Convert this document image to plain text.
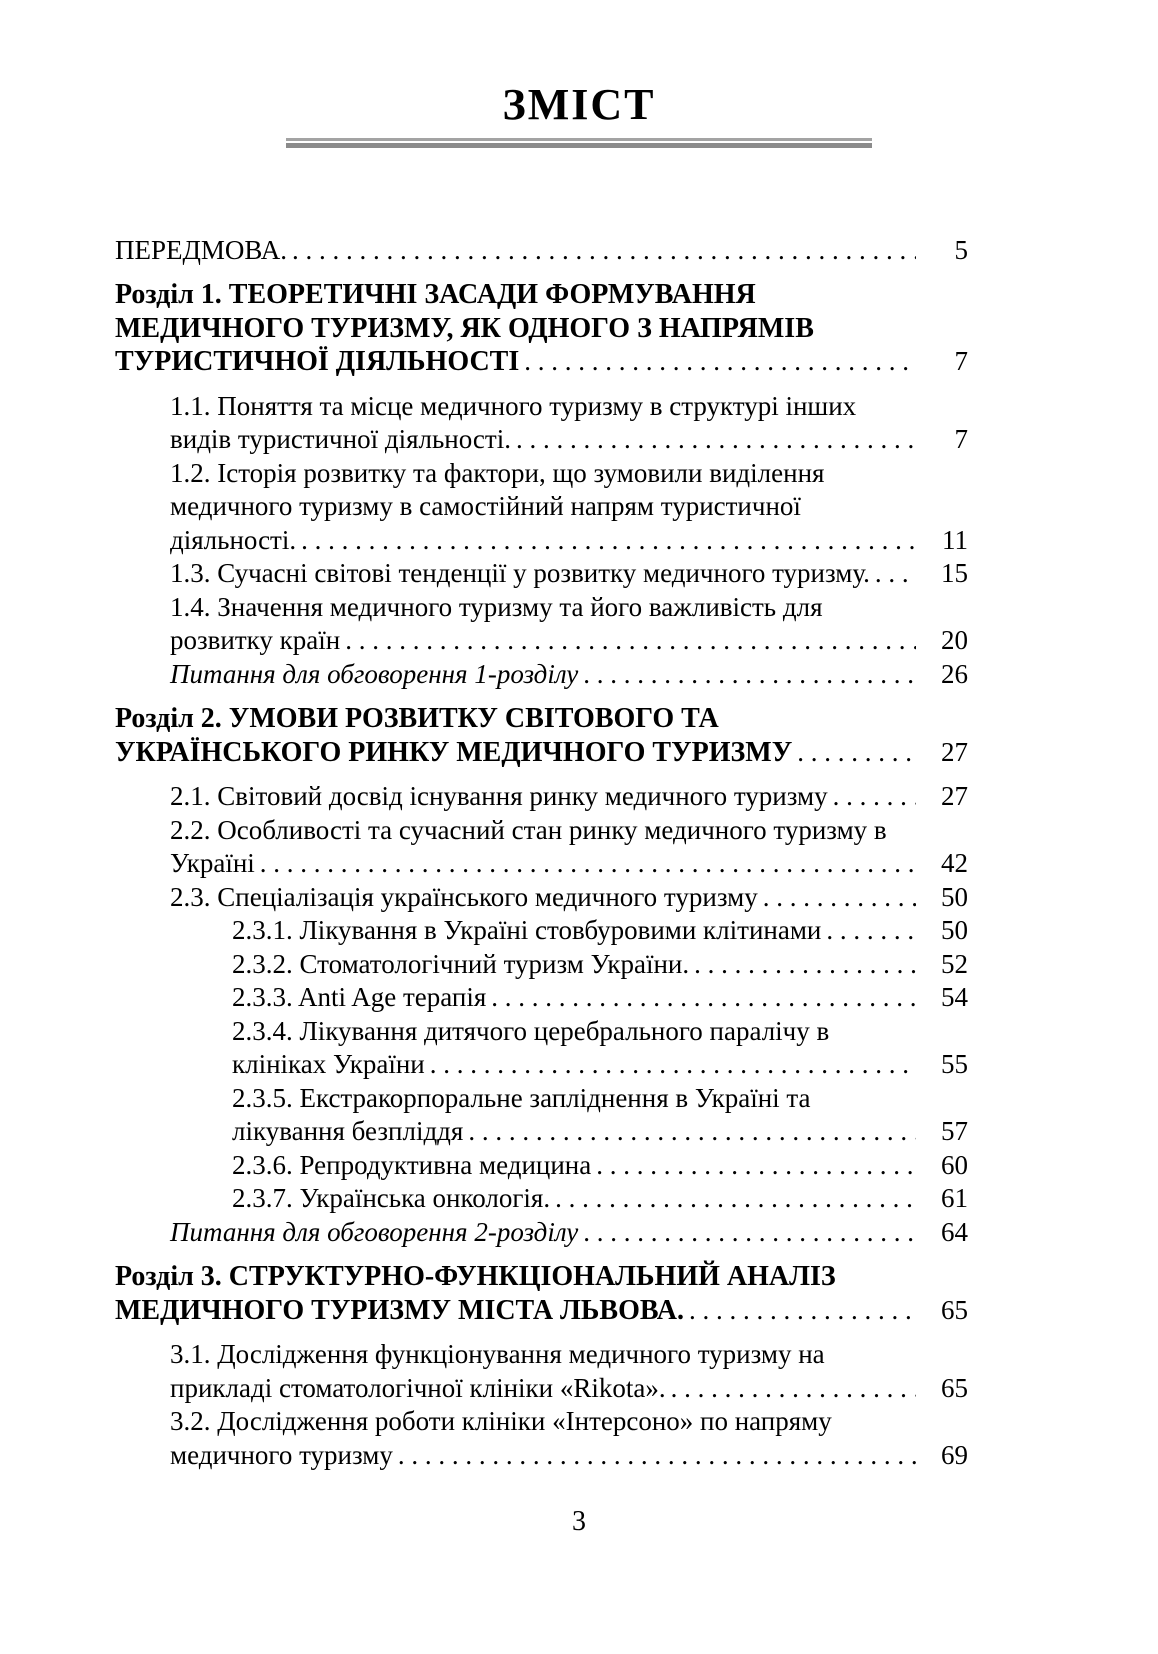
ЗМІСТ
ПЕРЕДМОВА. . . .	5
Розділ 1. ТЕОРЕТИЧНІ ЗАСАДИ ФОРМУВАННЯ
МЕДИЧНОГО ТУРИЗМУ, ЯК ОДНОГО З НАПРЯМІВ
ТУРИСТИЧНОЇ ДІЯЛЬНОСТІ . . .	7
1.1. Поняття та місце медичного туризму в структурі інших
видів туристичної діяльності. . . .	7
1.2. Історія розвитку та фактори, що зумовили виділення
медичного туризму в самостійний напрям туристичної
діяльності. . . .	11
1.3. Сучасні світові тенденції у розвитку медичного туризму. . . .	15
1.4. Значення медичного туризму та його важливість для
розвитку країн . . .	20
Питання для обговорення 1-розділу . . .	26
Розділ 2. УМОВИ РОЗВИТКУ СВІТОВОГО ТА
УКРАЇНСЬКОГО РИНКУ МЕДИЧНОГО ТУРИЗМУ . . .	27
2.1. Світовий досвід існування ринку медичного туризму . . .	27
2.2. Особливості та сучасний стан ринку медичного туризму в
Україні . . .	42
2.3. Спеціалізація українського медичного туризму . . .	50
2.3.1. Лікування в Україні стовбуровими клітинами . . .	50
2.3.2. Стоматологічний туризм України. . . .	52
2.3.3. Anti Age терапія . . .	54
2.3.4. Лікування дитячого церебрального паралічу в
клініках України . . .	55
2.3.5. Екстракорпоральне запліднення в Україні та
лікування безпліддя . . .	57
2.3.6. Репродуктивна медицина . . .	60
2.3.7. Українська онкологія. . . .	61
Питання для обговорення 2-розділу . . .	64
Розділ 3. СТРУКТУРНО-ФУНКЦІОНАЛЬНИЙ АНАЛІЗ
МЕДИЧНОГО ТУРИЗМУ МІСТА ЛЬВОВА. . . .	65
3.1. Дослідження функціонування медичного туризму на
прикладі стоматологічної клініки «Rikota». . . .	65
3.2. Дослідження роботи клініки «Інтерсоно» по напряму
медичного туризму . . .	69
3
